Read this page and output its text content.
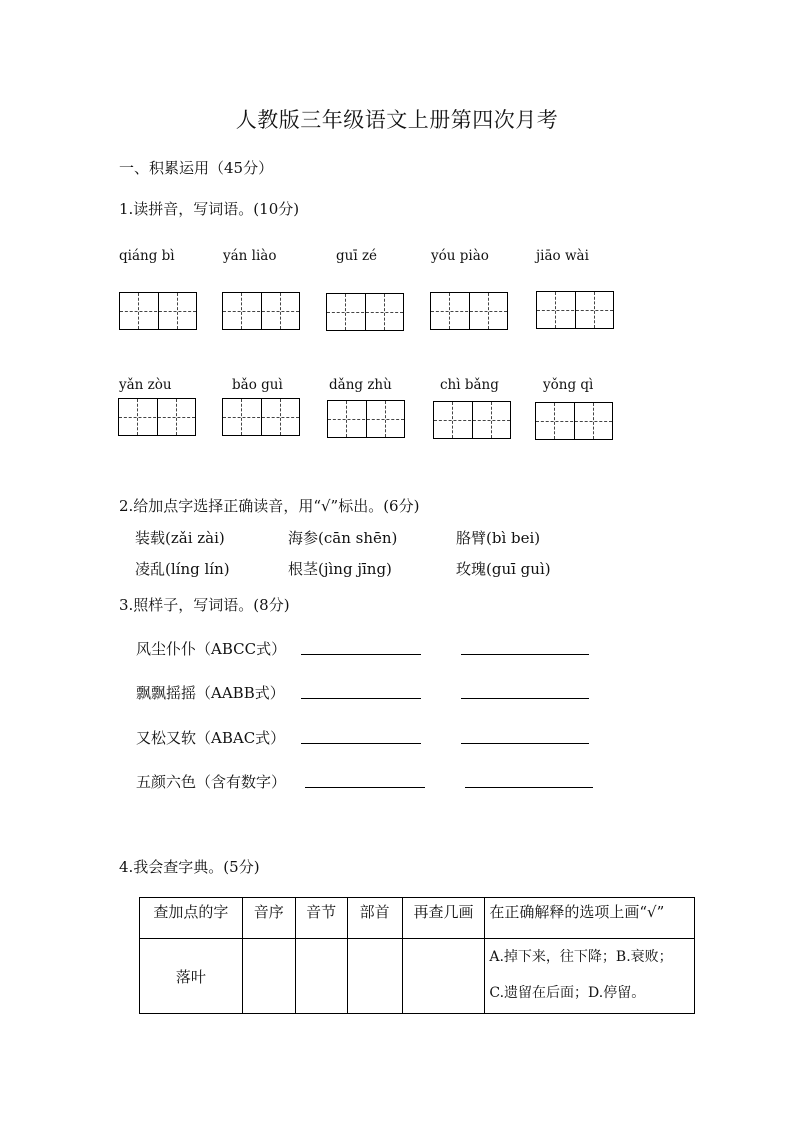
人教版三年级语文上册第四次月考
一、积累运用（45分）
1.读拼音，写词语。(10分)
qiáng bì	yán liào	guī zé	yóu piào	jiāo wài
yǎn zòu	bǎo guì	dǎng zhù	chì bǎng	yǒng qì
2.给加点字选择正确读音，用“√”标出。(6分)
装载(zǎi zài)	海参(cān shēn)	胳臂(bì bei)
凌乱(líng lín)	根茎(jìng jīng)	玫瑰(guī guì)
3.照样子，写词语。(8分)
风尘仆仆（ABCC式）
飘飘摇摇（AABB式）
又松又软（ABAC式）
五颜六色（含有数字）
4.我会查字典。(5分)
查加点的字	音序	音节	部首	再查几画	在正确解释的选项上画“√”
落叶					A.掉下来，往下降；B.衰败；
C.遗留在后面；D.停留。
